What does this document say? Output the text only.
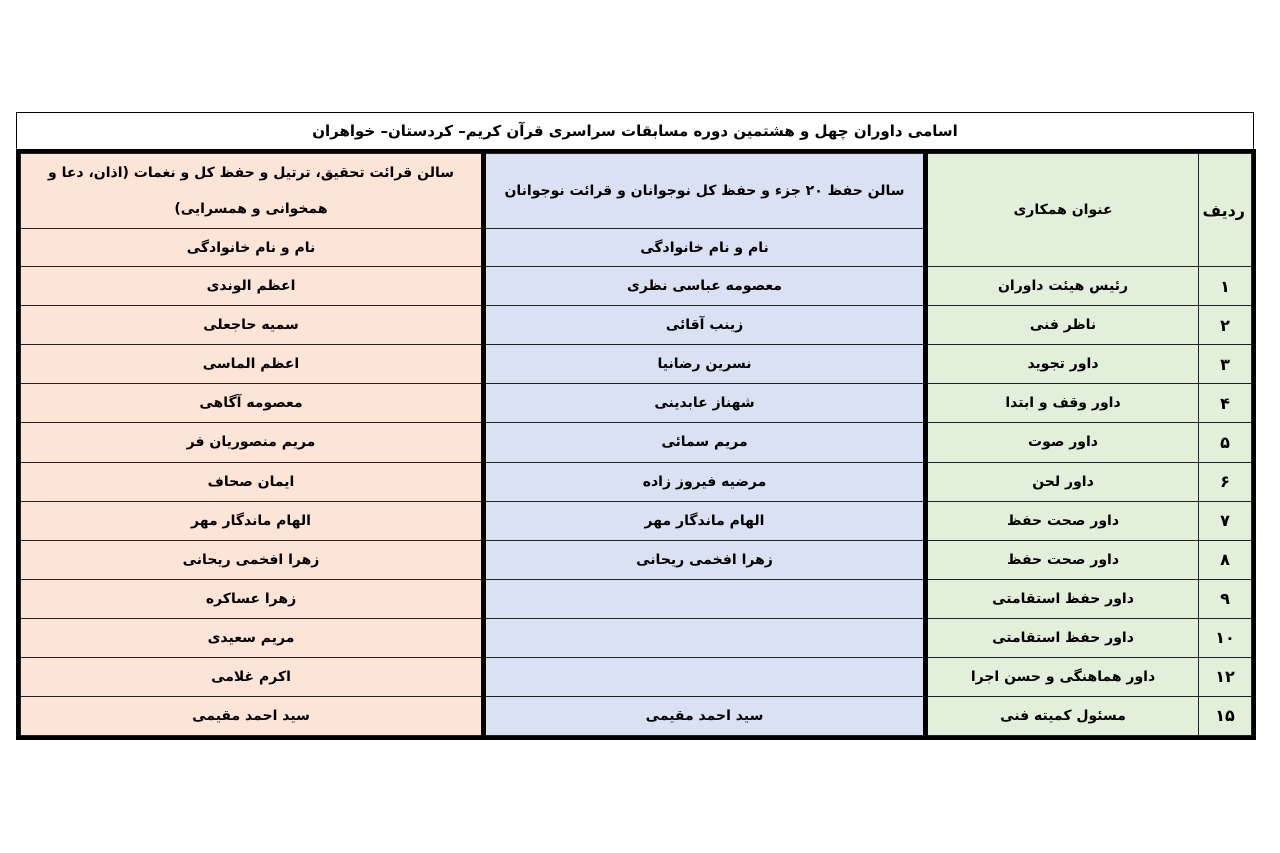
اسامی داوران چهل و هشتمین دوره مسابقات سراسری قرآن کریم– کردستان– خواهران
ردیف	عنوان همکاری	سالن حفظ ۲۰ جزء و حفظ کل نوجوانان و قرائت نوجوانان	سالن قرائت تحقیق، ترتیل و حفظ کل و نغمات (اذان، دعا و همخوانی و همسرایی)
		نام و نام خانوادگی	نام و نام خانوادگی
۱	رئیس هیئت داوران	معصومه عباسی نظری	اعظم الوندی
۲	ناظر فنی	زینب آقائی	سمیه حاجعلی
۳	داور تجوید	نسرین رضانیا	اعظم الماسی
۴	داور وقف و ابتدا	شهناز عابدینی	معصومه آگاهی
۵	داور صوت	مریم سمائی	مریم منصوریان فر
۶	داور لحن	مرضیه فیروز زاده	ایمان صحاف
۷	داور صحت حفظ	الهام ماندگار مهر	الهام ماندگار مهر
۸	داور صحت حفظ	زهرا افخمی ریحانی	زهرا افخمی ریحانی
۹	داور حفظ استقامتی		زهرا عساکره
۱۰	داور حفظ استقامتی		مریم سعیدی
۱۲	داور هماهنگی و حسن اجرا		اکرم غلامی
۱۵	مسئول کمیته فنی	سید احمد مقیمی	سید احمد مقیمی
